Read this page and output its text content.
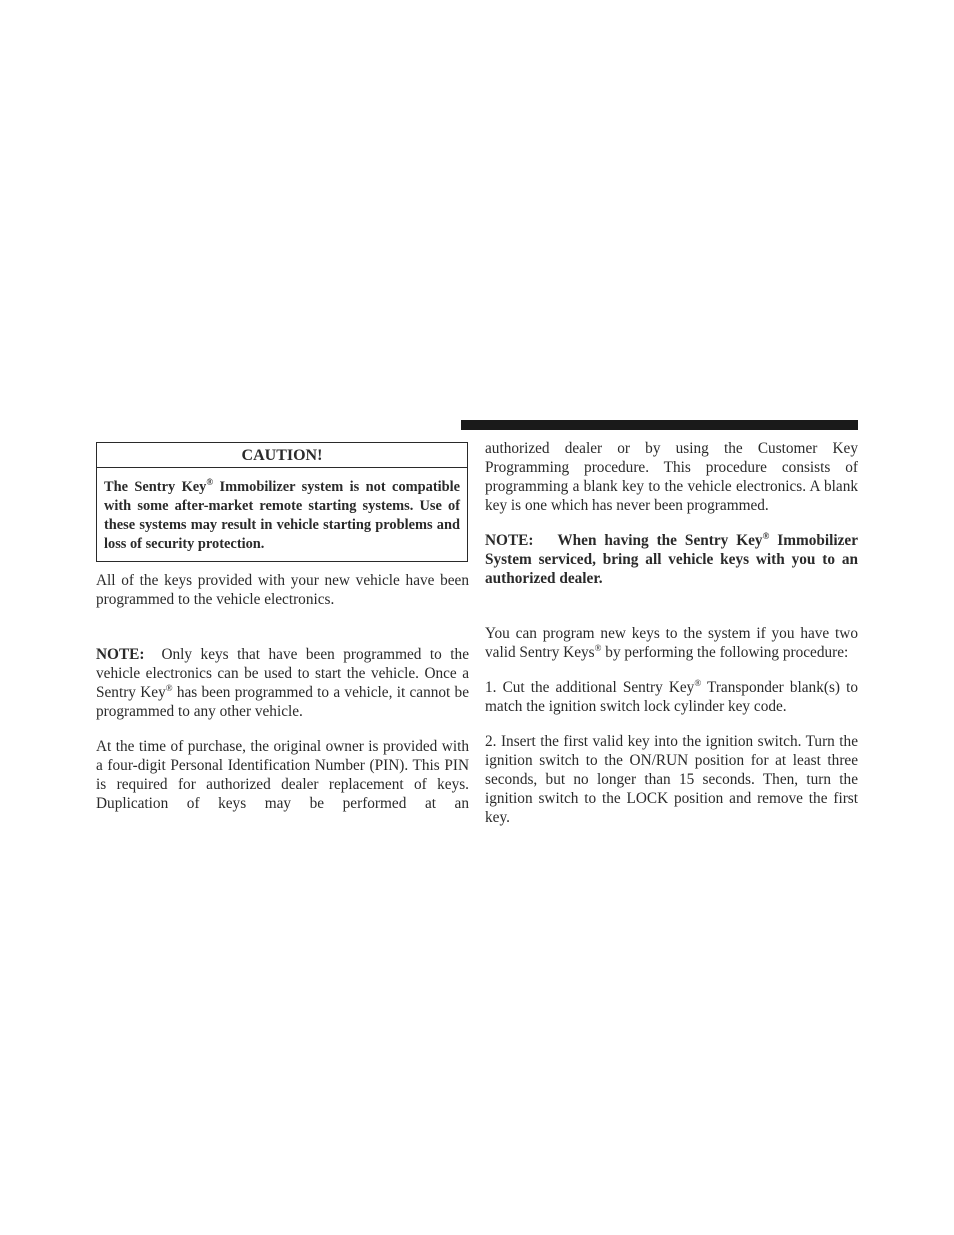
CAUTION!
The Sentry Key® Immobilizer system is not compatible with some after-market remote starting systems. Use of these systems may result in vehicle starting problems and loss of security protection.

All of the keys provided with your new vehicle have been programmed to the vehicle electronics.

NOTE: Only keys that have been programmed to the vehicle electronics can be used to start the vehicle. Once a Sentry Key® has been programmed to a vehicle, it cannot be programmed to any other vehicle.

At the time of purchase, the original owner is provided with a four-digit Personal Identification Number (PIN). This PIN is required for authorized dealer replacement of keys. Duplication of keys may be performed at an

authorized dealer or by using the Customer Key Programming procedure. This procedure consists of programming a blank key to the vehicle electronics. A blank key is one which has never been programmed.

NOTE: When having the Sentry Key® Immobilizer System serviced, bring all vehicle keys with you to an authorized dealer.

You can program new keys to the system if you have two valid Sentry Keys® by performing the following procedure:

1. Cut the additional Sentry Key® Transponder blank(s) to match the ignition switch lock cylinder key code.

2. Insert the first valid key into the ignition switch. Turn the ignition switch to the ON/RUN position for at least three seconds, but no longer than 15 seconds. Then, turn the ignition switch to the LOCK position and remove the first key.
